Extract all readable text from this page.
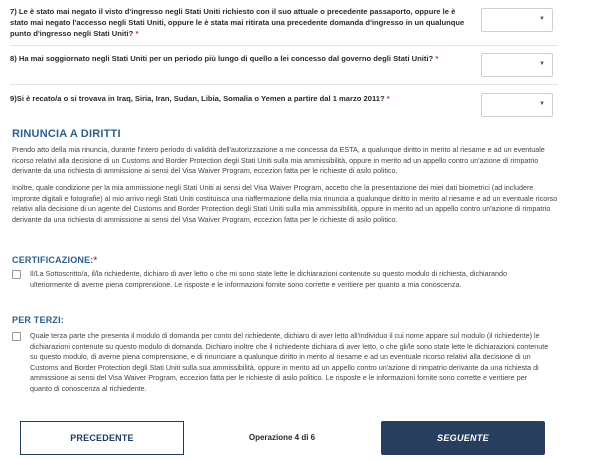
7) Le è stato mai negato il visto d'ingresso negli Stati Uniti richiesto con il suo attuale o precedente passaporto, oppure le è stato mai negato l'accesso negli Stati Uniti, oppure le è stata mai ritirata una precedente domanda d'ingresso in un qualunque punto d'ingresso negli Stati Uniti? *
▼
8) Ha mai soggiornato negli Stati Uniti per un periodo più lungo di quello a lei concesso dal governo degli Stati Uniti? *
▼
9)Si è recato/a o si trovava in Iraq, Siria, Iran, Sudan, Libia, Somalia o Yemen a partire dal 1 marzo 2011? *
▼
RINUNCIA A DIRITTI
Prendo atto della mia rinuncia, durante l'intero periodo di validità dell'autorizzazione a me concessa da ESTA, a qualunque diritto in merito al riesame e ad un eventuale ricorso relativi alla decisione di un Customs and Border Protection degli Stati Uniti sulla mia ammissibilità, oppure in merito ad un appello contro un'azione di rimpatrio derivante da una richiesta di ammissione ai sensi del Visa Waiver Program, eccezion fatta per le richieste di asilo politico.
Inoltre, quale condizione per la mia ammissione negli Stati Uniti ai sensi del Visa Waiver Program, accetto che la presentazione dei miei dati biometrici (ad includere impronte digitali e fotografie) al mio arrivo negli Stati Uniti costituisca una riaffermazione della mia rinuncia a qualunque diritto in merito al riesame e ad un eventuale ricorso relativi alla decisione di un agente del Customs and Border Protection degli Stati Uniti sulla mia ammissibilità, oppure in merito ad un appello contro un'azione di rimpatrio derivante da una richiesta di ammissione ai sensi del Visa Waiver Program, eccezion fatta per le richieste di asilo politico.
CERTIFICAZIONE:*
Il/La Sottoscritto/a, il/la richiedente, dichiaro di aver letto o che mi sono state lette le dichiarazioni contenute su questo modulo di richiesta, dichiarando ulteriormente di averne piena comprensione. Le risposte e le informazioni fornite sono corrette e veritiere per quanto a mia conoscenza.
PER TERZI:
Quale terza parte che presenta il modulo di domanda per conto del richiedente, dichiaro di aver letto all'individuo il cui nome appare sul modulo (il richiedente) le dichiarazioni contenute su questo modulo di domanda. Dichiaro inoltre che il richiedente dichiara di aver letto, o che gli/le sono state lette le dichiarazioni contenute su questo modulo, di averne piena comprensione, e di rinunciare a qualunque diritto in merito al riesame e ad un eventuale ricorso relativi alla decisione di un Customs and Border Protection degli Stati Uniti sulla sua ammissibilità, oppure in merito ad un appello contro un'azione di rimpatrio derivante da una richiesta di ammissione ai sensi del Visa Waiver Program, eccezion fatta per le richieste di asilo politico. Le risposte e le informazioni fornite sono corrette e veritiere per quanto di conoscenza al richiedente.
PRECEDENTE	Operazione 4 di 6	SEGUENTE
